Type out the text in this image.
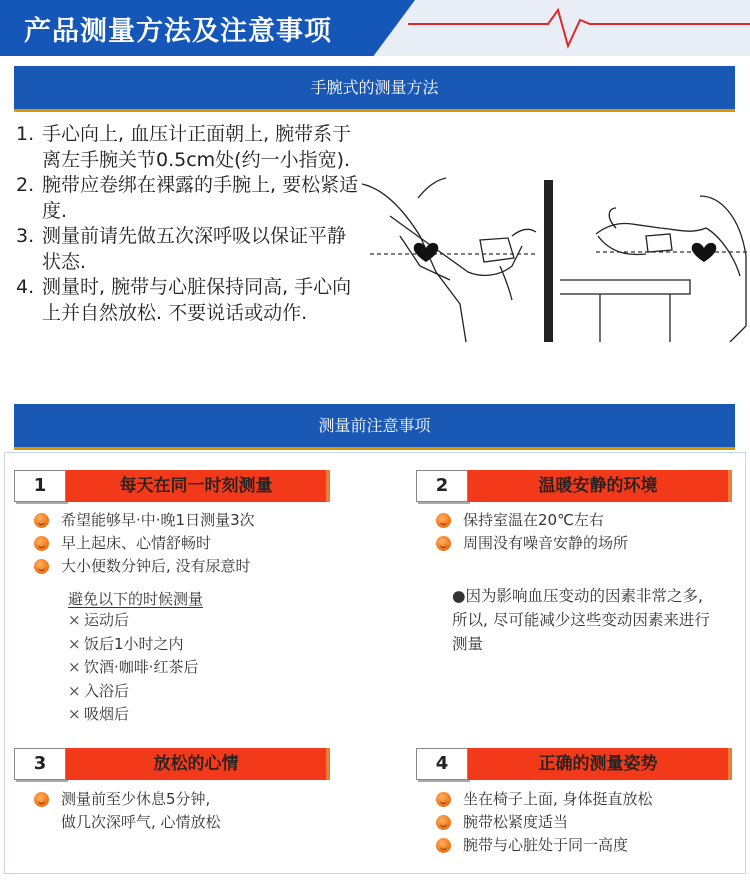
产品测量方法及注意事项
手腕式的测量方法
1. 手心向上, 血压计正面朝上, 腕带系于离左手腕关节0.5cm处(约一小指宽).
2. 腕带应卷绑在裸露的手腕上, 要松紧适度.
3. 测量前请先做五次深呼吸以保证平静状态.
4. 测量时, 腕带与心脏保持同高, 手心向上并自然放松. 不要说话或动作.
测量前注意事项
1	每天在同一时刻测量
希望能够早·中·晚1日测量3次
早上起床、心情舒畅时
大小便数分钟后, 没有尿意时
避免以下的时候测量
× 运动后
× 饭后1小时之内
× 饮酒·咖啡·红茶后
× 入浴后
× 吸烟后
2	温暖安静的环境
保持室温在20℃左右
周围没有噪音安静的场所
●因为影响血压变动的因素非常之多, 所以, 尽可能减少这些变动因素来进行测量
3	放松的心情
测量前至少休息5分钟,
做几次深呼气, 心情放松
4	正确的测量姿势
坐在椅子上面, 身体挺直放松
腕带松紧度适当
腕带与心脏处于同一高度
